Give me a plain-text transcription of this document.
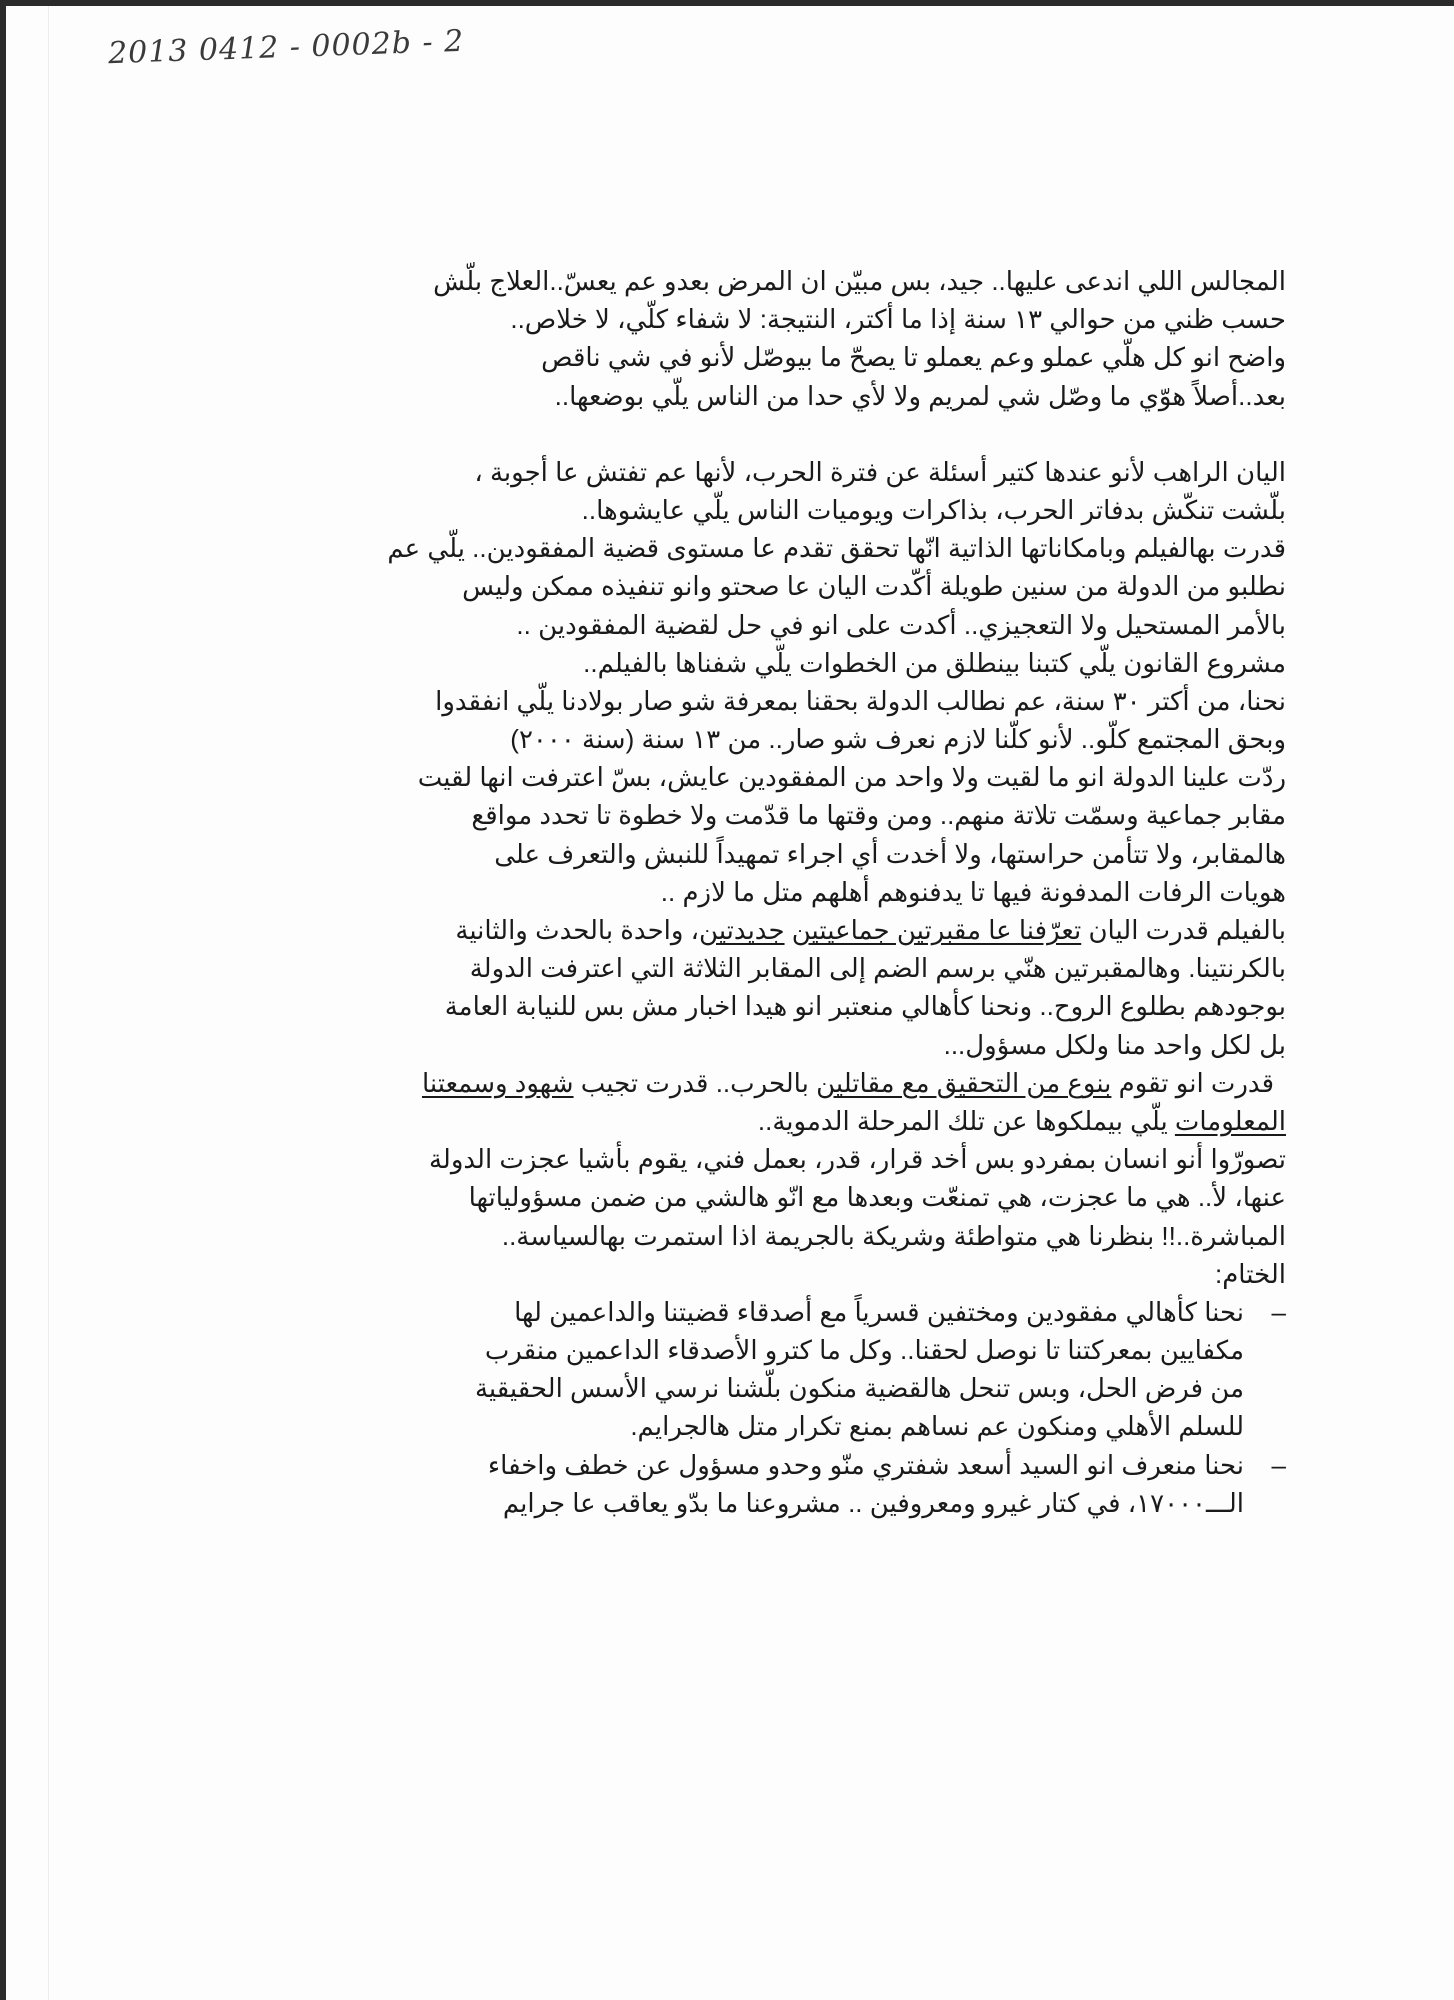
2013 0412 - 0002b - 2
المجالس اللي اندعى عليها.. جيد، بس مبيّن ان المرض بعدو عم يعسّ..العلاج بلّش
حسب ظني من حوالي ١٣ سنة إذا ما أكتر، النتيجة: لا شفاء كلّي، لا خلاص..
واضح انو كل هلّي عملو وعم يعملو تا يصحّ ما بيوصّل لأنو في شي ناقص
بعد..أصلاً هوّي ما وصّل شي لمريم ولا لأي حدا من الناس يلّي بوضعها..
اليان الراهب لأنو عندها كتير أسئلة عن فترة الحرب، لأنها عم تفتش عا أجوبة ،
بلّشت تنكّش بدفاتر الحرب، بذاكرات ويوميات الناس يلّي عايشوها..
قدرت بهالفيلم وبامكاناتها الذاتية انّها تحقق تقدم عا مستوى قضية المفقودين.. يلّي عم
نطلبو من الدولة من سنين طويلة أكّدت اليان عا صحتو وانو تنفيذه ممكن وليس
بالأمر المستحيل ولا التعجيزي.. أكدت على انو في حل لقضية المفقودين ..
مشروع القانون يلّي كتبنا بينطلق من الخطوات يلّي شفناها بالفيلم..
نحنا، من أكتر ٣٠ سنة، عم نطالب الدولة بحقنا بمعرفة شو صار بولادنا يلّي انفقدوا
وبحق المجتمع كلّو.. لأنو كلّنا لازم نعرف شو صار.. من ١٣ سنة (سنة ٢٠٠٠)
ردّت علينا الدولة انو ما لقيت ولا واحد من المفقودين عايش، بسّ اعترفت انها لقيت
مقابر جماعية وسمّت تلاتة منهم.. ومن وقتها ما قدّمت ولا خطوة تا تحدد مواقع
هالمقابر، ولا تتأمن حراستها، ولا أخدت أي اجراء تمهيداً للنبش والتعرف على
هويات الرفات المدفونة فيها تا يدفنوهم أهلهم متل ما لازم ..
بالفيلم قدرت اليان تعرّفنا عا مقبرتين جماعيتين جديدتين، واحدة بالحدث والثانية
بالكرنتينا. وهالمقبرتين هنّي برسم الضم إلى المقابر الثلاثة التي اعترفت الدولة
بوجودهم بطلوع الروح.. ونحنا كأهالي منعتبر انو هيدا اخبار مش بس للنيابة العامة
بل لكل واحد منا ولكل مسؤول...
قدرت انو تقوم بنوع من التحقيق مع مقاتلين بالحرب.. قدرت تجيب شهود وسمعتنا
المعلومات يلّي بيملكوها عن تلك المرحلة الدموية..
تصورّوا أنو انسان بمفردو بس أخد قرار، قدر، بعمل فني، يقوم بأشيا عجزت الدولة
عنها، لأ.. هي ما عجزت، هي تمنعّت وبعدها مع انّو هالشي من ضمن مسؤولياتها
المباشرة..!! بنظرنا هي متواطئة وشريكة بالجريمة اذا استمرت بهالسياسة..
الختام:
–
نحنا كأهالي مفقودين ومختفين قسرياً مع أصدقاء قضيتنا والداعمين لها
مكفايين بمعركتنا تا نوصل لحقنا.. وكل ما كترو الأصدقاء الداعمين منقرب
من فرض الحل، وبس تنحل هالقضية منكون بلّشنا نرسي الأسس الحقيقية
للسلم الأهلي ومنكون عم نساهم بمنع تكرار متل هالجرايم.
–
نحنا منعرف انو السيد أسعد شفتري منّو وحدو مسؤول عن خطف واخفاء
الـــ١٧٠٠٠، في كتار غيرو ومعروفين .. مشروعنا ما بدّو يعاقب عا جرايم
